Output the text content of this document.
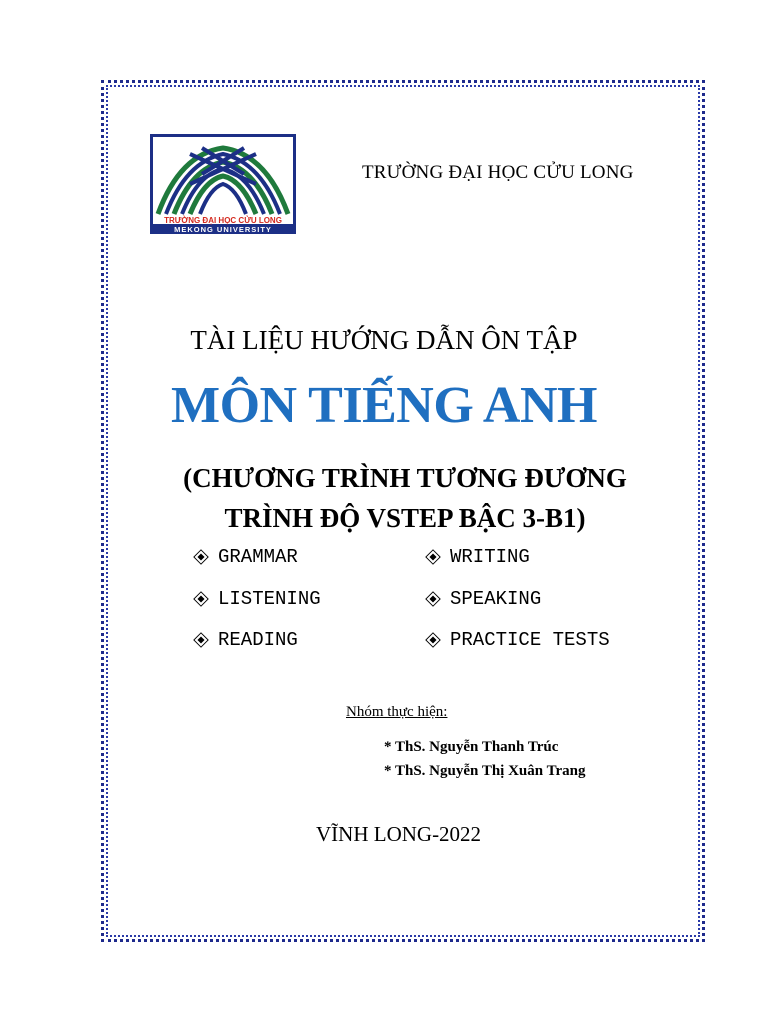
TRƯỜNG ĐẠI HỌC CỬU LONG
MEKONG UNIVERSITY
TRƯỜNG ĐẠI HỌC CỬU LONG
TÀI LIỆU HƯỚNG DẪN ÔN TẬP
MÔN TIẾNG ANH
(CHƯƠNG TRÌNH TƯƠNG ĐƯƠNG
TRÌNH ĐỘ VSTEP BẬC 3-B1)
GRAMMAR	WRITING
LISTENING	SPEAKING
READING	PRACTICE TESTS
Nhóm thực hiện:
* ThS. Nguyễn Thanh Trúc
* ThS. Nguyễn Thị Xuân Trang
VĨNH LONG-2022
